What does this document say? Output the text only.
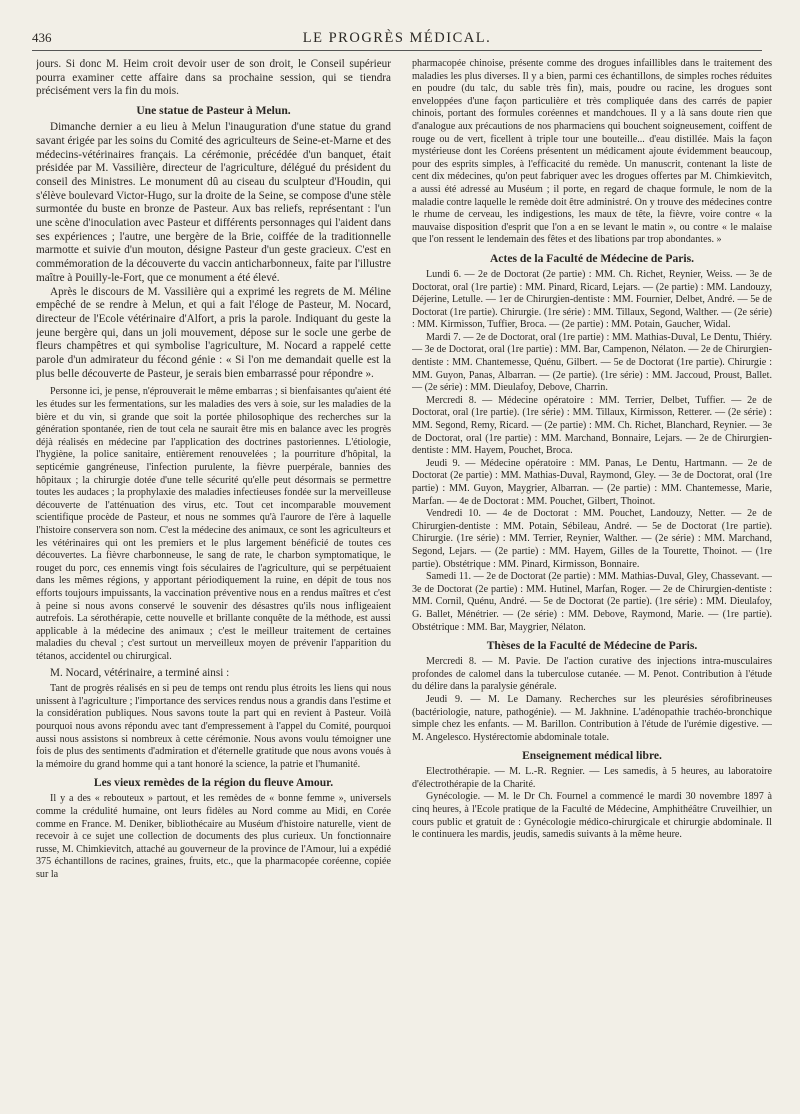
436	LE PROGRÈS MÉDICAL.

jours. Si donc M. Heim croit devoir user de son droit, le Conseil supérieur pourra examiner cette affaire dans sa prochaine session, qui se tiendra précisément vers la fin du mois.

Une statue de Pasteur à Melun.

Dimanche dernier a eu lieu à Melun l'inauguration d'une statue du grand savant érigée par les soins du Comité des agriculteurs de Seine-et-Marne et des médecins-vétérinaires français. La cérémonie, précédée d'un banquet, était présidée par M. Vassilière, directeur de l'agriculture, délégué du président du conseil des Ministres. Le monument dû au ciseau du sculpteur d'Houdin, qui s'élève boulevard Victor-Hugo, sur la droite de la Seine, se compose d'une stèle surmontée du buste en bronze de Pasteur. Aux bas reliefs, représentant : l'un une scène d'inoculation avec Pasteur et différents personnages qui l'aident dans ses expériences ; l'autre, une bergère de la Brie, coiffée de la traditionnelle marmotte et suivie d'un mouton, désigne Pasteur d'un geste gracieux. C'est en commémoration de la découverte du vaccin anticharbonneux, faite par l'illustre maître à Pouilly-le-Fort, que ce monument a été élevé.

Après le discours de M. Vassilière qui a exprimé les regrets de M. Méline empêché de se rendre à Melun, et qui a fait l'éloge de Pasteur, M. Nocard, directeur de l'Ecole vétérinaire d'Alfort, a pris la parole. Indiquant du geste la jeune bergère qui, dans un joli mouvement, dépose sur le socle une gerbe de fleurs champêtres et qui symbolise l'agriculture, M. Nocard a rappelé cette parole d'un admirateur du fécond génie : « Si l'on me demandait quelle est la plus belle découverte de Pasteur, je serais bien embarrassé pour répondre ».

Personne ici, je pense, n'éprouverait le même embarras ; si bienfaisantes qu'aient été les études sur les fermentations, sur les maladies des vers à soie, sur les maladies de la bière et du vin, si grande que soit la portée philosophique des recherches sur la génération spontanée, rien de tout cela ne saurait être mis en balance avec les progrès déjà réalisés en médecine par l'application des doctrines pastoriennes. L'étiologie, l'hygiène, la police sanitaire, entièrement renouvelées ; la pourriture d'hôpital, la septicémie gangréneuse, l'infection purulente, la fièvre puerpérale, bannies des hôpitaux ; la chirurgie dotée d'une telle sécurité qu'elle peut désormais se permettre toutes les audaces ; la prophylaxie des maladies infectieuses fondée sur la merveilleuse découverte de l'atténuation des virus, etc. Tout cet incomparable mouvement scientifique procède de Pasteur, et nous ne sommes qu'à l'aurore de l'ère à laquelle l'histoire conservera son nom. C'est la médecine des animaux, ce sont les agriculteurs et les vétérinaires qui ont les premiers et le plus largement bénéficié de toutes ces découvertes. La fièvre charbonneuse, le sang de rate, le charbon symptomatique, le rouget du porc, ces ennemis vingt fois séculaires de l'agriculture, qui se perpétuaient dans les mêmes régions, y apportant périodiquement la ruine, en dépit de tous nos efforts toujours impuissants, la vaccination préventive nous en a rendus maîtres et c'est à peine si nous avons conservé le souvenir des désastres qu'ils nous infligeaient autrefois. La sérothérapie, cette nouvelle et brillante conquête de la méthode, est aussi applicable à la médecine des animaux ; c'est le meilleur traitement de certaines maladies du cheval ; c'est surtout un merveilleux moyen de prévenir l'apparition du tétanos, accidentel ou chirurgical.

M. Nocard, vétérinaire, a terminé ainsi :

Tant de progrès réalisés en si peu de temps ont rendu plus étroits les liens qui nous unissent à l'agriculture ; l'importance des services rendus nous a grandis dans l'estime et la considération publiques. Nous savons toute la part qui en revient à Pasteur. Voilà pourquoi nous avons répondu avec tant d'empressement à l'appel du Comité, pourquoi aussi nous assistons si nombreux à cette cérémonie. Nous avons voulu témoigner une fois de plus des sentiments d'admiration et d'éternelle gratitude que nous avons voués à la mémoire du grand homme qui a tant honoré la science, la patrie et l'humanité.

Les vieux remèdes de la région du fleuve Amour.

Il y a des « rebouteux » partout, et les remèdes de « bonne femme », universels comme la crédulité humaine, ont leurs fidèles au Nord comme au Midi, en Corée comme en France. M. Deniker, bibliothécaire au Muséum d'histoire naturelle, vient de recevoir à ce sujet une collection de documents des plus curieux. Un fonctionnaire russe, M. Chimkievitch, attaché au gouverneur de la province de l'Amour, lui a expédié 375 échantillons de racines, graines, fruits, etc., que la pharmacopée coréenne, copiée sur la

pharmacopée chinoise, présente comme des drogues infaillibles dans le traitement des maladies les plus diverses. Il y a bien, parmi ces échantillons, de simples roches réduites en poudre (du talc, du sable très fin), mais, poudre ou racine, les drogues sont enveloppées d'une façon particulière et très compliquée dans des carrés de papier chinois, portant des formules coréennes et mandchoues. Il y a là sans doute rien que d'analogue aux précautions de nos pharmaciens qui bouchent soigneusement, coiffent de rouge ou de vert, ficellent à triple tour une bouteille... d'eau distillée. Mais la façon mystérieuse dont les Coréens présentent un médicament ajoute évidemment beaucoup, pour des esprits simples, à l'efficacité du remède. Un manuscrit, contenant la liste de cent dix médecines, qu'on peut fabriquer avec les drogues offertes par M. Chimkievitch, a aussi été adressé au Muséum ; il porte, en regard de chaque formule, le nom de la maladie contre laquelle le remède doit être administré. On y trouve des médecines contre le rhume de cerveau, les indigestions, les maux de tête, la fièvre, voire contre « la mauvaise disposition d'esprit que l'on a en se levant le matin », ou contre « le malaise que l'on ressent le lendemain des fêtes et des libations par trop abondantes. »

Actes de la Faculté de Médecine de Paris.

Lundi 6. — 2e de Doctorat (2e partie) : MM. Ch. Richet, Reynier, Weiss. — 3e de Doctorat, oral (1re partie) : MM. Pinard, Ricard, Lejars. — (2e partie) : MM. Landouzy, Déjerine, Letulle. — 1er de Chirurgien-dentiste : MM. Fournier, Delbet, André. — 5e de Doctorat (1re partie). Chirurgie. (1re série) : MM. Tillaux, Segond, Walther. — (2e série) : MM. Kirmisson, Tuffier, Broca. — (2e partie) : MM. Potain, Gaucher, Widal.

Mardi 7. — 2e de Doctorat, oral (1re partie) : MM. Mathias-Duval, Le Dentu, Thiéry. — 3e de Doctorat, oral (1re partie) : MM. Bar, Campenon, Nélaton. — 2e de Chirurgien-dentiste : MM. Chantemesse, Quénu, Gilbert. — 5e de Doctorat (1re partie). Chirurgie : MM. Guyon, Panas, Albarran. — (2e partie). (1re série) : MM. Jaccoud, Proust, Ballet. — (2e série) : MM. Dieulafoy, Debove, Charrin.

Mercredi 8. — Médecine opératoire : MM. Terrier, Delbet, Tuffier. — 2e de Doctorat, oral (1re partie). (1re série) : MM. Tillaux, Kirmisson, Retterer. — (2e série) : MM. Segond, Remy, Ricard. — (2e partie) : MM. Ch. Richet, Blanchard, Reynier. — 3e de Doctorat, oral (1re partie) : MM. Marchand, Bonnaire, Lejars. — 2e de Chirurgien-dentiste : MM. Hayem, Pouchet, Broca.

Jeudi 9. — Médecine opératoire : MM. Panas, Le Dentu, Hartmann. — 2e de Doctorat (2e partie) : MM. Mathias-Duval, Raymond, Gley. — 3e de Doctorat, oral (1re partie) : MM. Guyon, Maygrier, Albarran. — (2e partie) : MM. Chantemesse, Marie, Marfan. — 4e de Doctorat : MM. Pouchet, Gilbert, Thoinot.

Vendredi 10. — 4e de Doctorat : MM. Pouchet, Landouzy, Netter. — 2e de Chirurgien-dentiste : MM. Potain, Sébileau, André. — 5e de Doctorat (1re partie). Chirurgie. (1re série) : MM. Terrier, Reynier, Walther. — (2e série) : MM. Marchand, Segond, Lejars. — (2e partie) : MM. Hayem, Gilles de la Tourette, Thoinot. — (1re partie). Obstétrique : MM. Pinard, Kirmisson, Bonnaire.

Samedi 11. — 2e de Doctorat (2e partie) : MM. Mathias-Duval, Gley, Chassevant. — 3e de Doctorat (2e partie) : MM. Hutinel, Marfan, Roger. — 2e de Chirurgien-dentiste : MM. Cornil, Quénu, André. — 5e de Doctorat (2e partie). (1re série) : MM. Dieulafoy, G. Ballet, Ménétrier. — (2e série) : MM. Debove, Raymond, Marie. — (1re partie). Obstétrique : MM. Bar, Maygrier, Nélaton.

Thèses de la Faculté de Médecine de Paris.

Mercredi 8. — M. Pavie. De l'action curative des injections intra-musculaires profondes de calomel dans la tuberculose cutanée. — M. Penot. Contribution à l'étude du délire dans la paralysie générale.

Jeudi 9. — M. Le Damany. Recherches sur les pleurésies sérofibrineuses (bactériologie, nature, pathogénie). — M. Jakhnine. L'adénopathie trachéo-bronchique simple chez les enfants. — M. Barillon. Contribution à l'étude de l'urémie digestive. — M. Angelesco. Hystérectomie abdominale totale.

Enseignement médical libre.

Electrothérapie. — M. L.-R. Regnier. — Les samedis, à 5 heures, au laboratoire d'électrothérapie de la Charité.

Gynécologie. — M. le Dr Ch. Fournel a commencé le mardi 30 novembre 1897 à cinq heures, à l'Ecole pratique de la Faculté de Médecine, Amphithéâtre Cruveilhier, un cours public et gratuit de : Gynécologie médico-chirurgicale et chirurgie abdominale. Il le continuera les mardis, jeudis, samedis suivants à la même heure.
